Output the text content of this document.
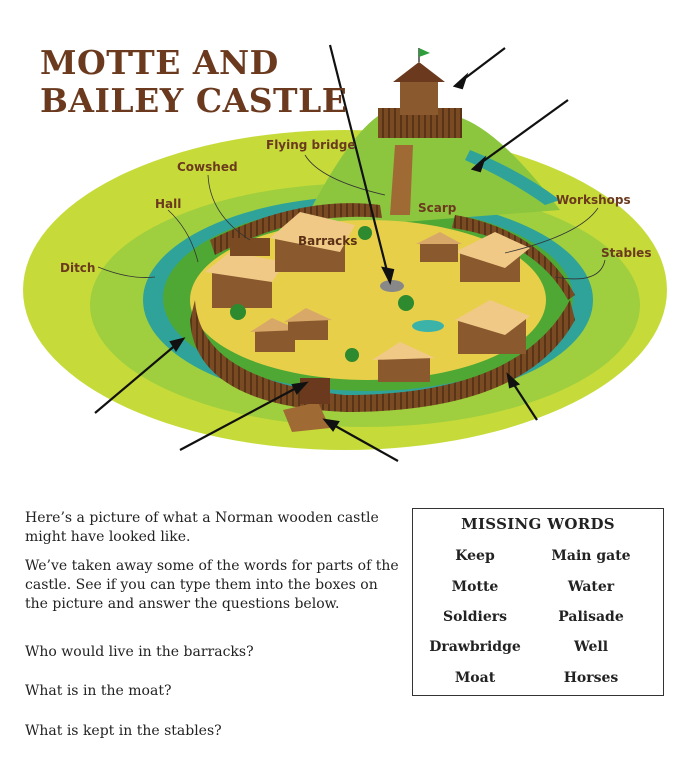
MOTTE AND
BAILEY CASTLE
Flying bridge
Cowshed
Hall
Barracks
Scarp
Workshops
Stables
Ditch

Here’s a picture of what a Norman wooden castle might have looked like.

We’ve taken away some of the words for parts of the castle. See if you can type them into the boxes on the picture and answer the questions below.

Who would live in the barracks?
What is in the moat?
What is kept in the stables?
MISSING WORDS
Keep	Main gate
Motte	Water
Soldiers	Palisade
Drawbridge	Well
Moat	Horses
